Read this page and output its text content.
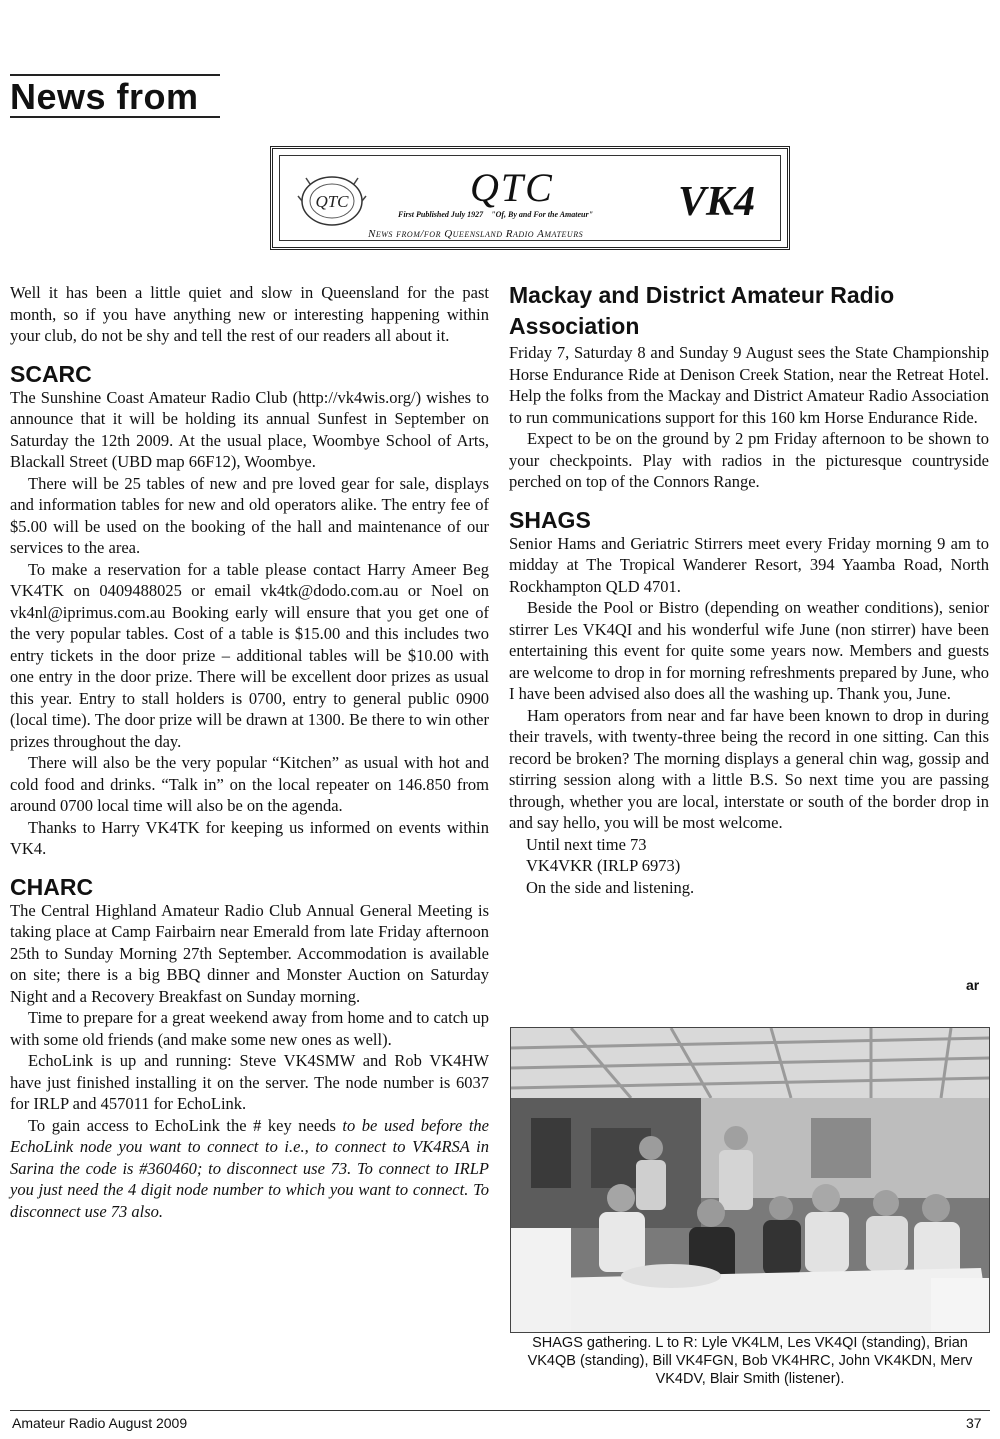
News from
QTC	QTC	VK4
First Published July 1927 "Of, By and For the Amateur"
News from/for Queensland Radio Amateurs

Well it has been a little quiet and slow in Queensland for the past month, so if you have anything new or interesting happening within your club, do not be shy and tell the rest of our readers all about it.

SCARC

The Sunshine Coast Amateur Radio Club (http://vk4wis.org/) wishes to announce that it will be holding its annual Sunfest in September on Saturday the 12th 2009. At the usual place, Woombye School of Arts, Blackall Street (UBD map 66F12), Woombye.

There will be 25 tables of new and pre loved gear for sale, displays and information tables for new and old operators alike. The entry fee of $5.00 will be used on the booking of the hall and maintenance of our services to the area.

To make a reservation for a table please contact Harry Ameer Beg VK4TK on 0409488025 or email vk4tk@dodo.com.au or Noel on vk4nl@iprimus.com.au Booking early will ensure that you get one of the very popular tables. Cost of a table is $15.00 and this includes two entry tickets in the door prize – additional tables will be $10.00 with one entry in the door prize. There will be excellent door prizes as usual this year. Entry to stall holders is 0700, entry to general public 0900 (local time). The door prize will be drawn at 1300. Be there to win other prizes throughout the day.

There will also be the very popular “Kitchen” as usual with hot and cold food and drinks. “Talk in” on the local repeater on 146.850 from around 0700 local time will also be on the agenda.

Thanks to Harry VK4TK for keeping us informed on events within VK4.

CHARC

The Central Highland Amateur Radio Club Annual General Meeting is taking place at Camp Fairbairn near Emerald from late Friday afternoon 25th to Sunday Morning 27th September. Accommodation is available on site; there is a big BBQ dinner and Monster Auction on Saturday Night and a Recovery Breakfast on Sunday morning.

Time to prepare for a great weekend away from home and to catch up with some old friends (and make some new ones as well).

EchoLink is up and running: Steve VK4SMW and Rob VK4HW have just finished installing it on the server. The node number is 6037 for IRLP and 457011 for EchoLink.

To gain access to EchoLink the # key needs to be used before the EchoLink node you want to connect to i.e., to connect to VK4RSA in Sarina the code is #360460; to disconnect use 73. To connect to IRLP you just need the 4 digit node number to which you want to connect. To disconnect use 73 also.

Mackay and District Amateur Radio Association

Friday 7, Saturday 8 and Sunday 9 August sees the State Championship Horse Endurance Ride at Denison Creek Station, near the Retreat Hotel. Help the folks from the Mackay and District Amateur Radio Association to run communications support for this 160 km Horse Endurance Ride.

Expect to be on the ground by 2 pm Friday afternoon to be shown to your checkpoints. Play with radios in the picturesque countryside perched on top of the Connors Range.

SHAGS

Senior Hams and Geriatric Stirrers meet every Friday morning 9 am to midday at The Tropical Wanderer Resort, 394 Yaamba Road, North Rockhampton QLD 4701.

Beside the Pool or Bistro (depending on weather conditions), senior stirrer Les VK4QI and his wonderful wife June (non stirrer) have been entertaining this event for quite some years now. Members and guests are welcome to drop in for morning refreshments prepared by June, who I have been advised also does all the washing up. Thank you, June.

Ham operators from near and far have been known to drop in during their travels, with twenty-three being the record in one sitting. Can this record be broken? The morning displays a general chin wag, gossip and stirring session along with a little B.S. So next time you are passing through, whether you are local, interstate or south of the border drop in and say hello, you will be most welcome.

Until next time 73

VK4VKR (IRLP 6973)

On the side and listening.

ar
SHAGS gathering. L to R: Lyle VK4LM, Les VK4QI (standing), Brian VK4QB (standing), Bill VK4FGN, Bob VK4HRC, John VK4KDN, Merv VK4DV, Blair Smith (listener).
Amateur Radio August 2009	37
